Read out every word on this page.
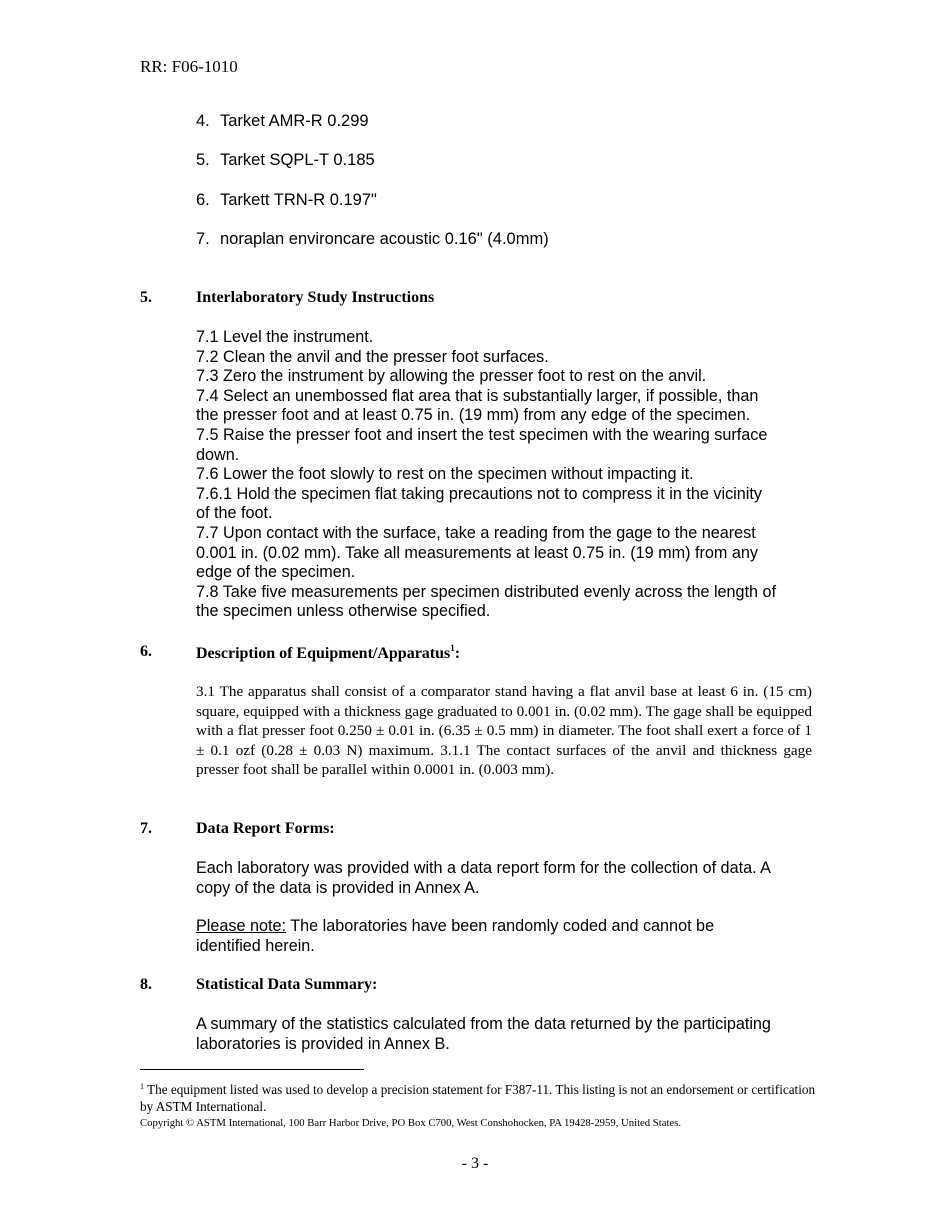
RR: F06-1010
4. Tarket AMR-R 0.299
5. Tarket SQPL-T 0.185
6. Tarkett TRN-R 0.197"
7. noraplan environcare acoustic 0.16" (4.0mm)
5.	Interlaboratory Study Instructions
7.1 Level the instrument.
7.2 Clean the anvil and the presser foot surfaces.
7.3 Zero the instrument by allowing the presser foot to rest on the anvil.
7.4 Select an unembossed flat area that is substantially larger, if possible, than
the presser foot and at least 0.75 in. (19 mm) from any edge of the specimen.
7.5 Raise the presser foot and insert the test specimen with the wearing surface
down.
7.6 Lower the foot slowly to rest on the specimen without impacting it.
7.6.1 Hold the specimen flat taking precautions not to compress it in the vicinity
of the foot.
7.7 Upon contact with the surface, take a reading from the gage to the nearest
0.001 in. (0.02 mm). Take all measurements at least 0.75 in. (19 mm) from any
edge of the specimen.
7.8 Take five measurements per specimen distributed evenly across the length of
the specimen unless otherwise specified.
6.	Description of Equipment/Apparatus$^1$:
3.1 The apparatus shall consist of a comparator stand having a flat anvil base at least 6 in. (15 cm) square, equipped with a thickness gage graduated to 0.001 in. (0.02 mm). The gage shall be equipped with a flat presser foot 0.250 ± 0.01 in. (6.35 ± 0.5 mm) in diameter. The foot shall exert a force of 1 ± 0.1 ozf (0.28 ± 0.03 N) maximum. 3.1.1 The contact surfaces of the anvil and thickness gage presser foot shall be parallel within 0.0001 in. (0.003 mm).
7.	Data Report Forms:
Each laboratory was provided with a data report form for the collection of data. A
copy of the data is provided in Annex A.
Please note: The laboratories have been randomly coded and cannot be
identified herein.
8.	Statistical Data Summary:
A summary of the statistics calculated from the data returned by the participating
laboratories is provided in Annex B.
$^1$ The equipment listed was used to develop a precision statement for F387-11. This listing is not an endorsement or certification by ASTM International.
Copyright © ASTM International, 100 Barr Harbor Drive, PO Box C700, West Conshohocken, PA 19428-2959, United States.
- 3 -
